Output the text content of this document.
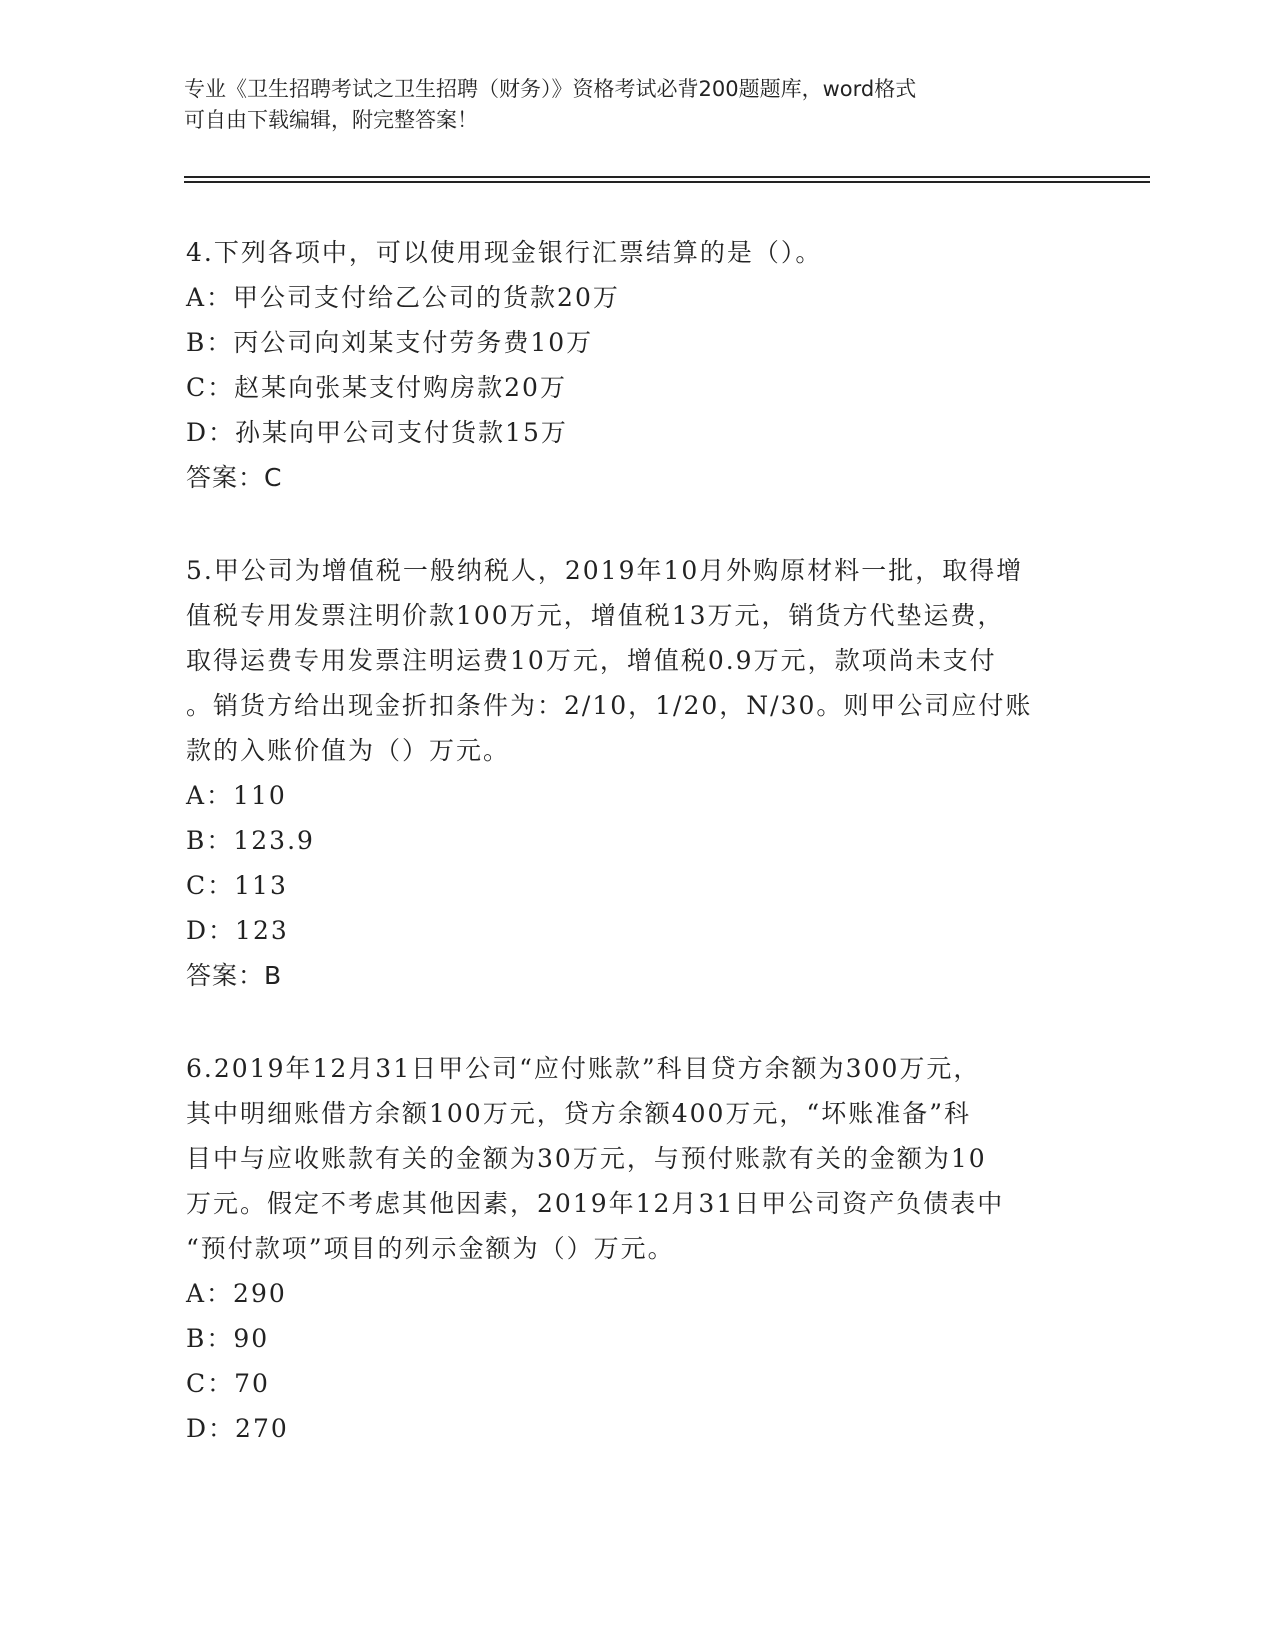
专业《卫生招聘考试之卫生招聘（财务）》资格考试必背200题题库，word格式
可自由下载编辑，附完整答案！

4.下列各项中，可以使用现金银行汇票结算的是（）。

A：甲公司支付给乙公司的货款20万

B：丙公司向刘某支付劳务费10万

C：赵某向张某支付购房款20万

D：孙某向甲公司支付货款15万

答案：C

5.甲公司为增值税一般纳税人，2019年10月外购原材料一批，取得增

值税专用发票注明价款100万元，增值税13万元，销货方代垫运费，

取得运费专用发票注明运费10万元，增值税0.9万元，款项尚未支付

。销货方给出现金折扣条件为：2/10，1/20，N/30。则甲公司应付账

款的入账价值为（）万元。

A：110

B：123.9

C：113

D：123

答案：B

6.2019年12月31日甲公司“应付账款”科目贷方余额为300万元，

其中明细账借方余额100万元，贷方余额400万元，“坏账准备”科

目中与应收账款有关的金额为30万元，与预付账款有关的金额为10

万元。假定不考虑其他因素，2019年12月31日甲公司资产负债表中

“预付款项”项目的列示金额为（）万元。

A：290

B：90

C：70

D：270
